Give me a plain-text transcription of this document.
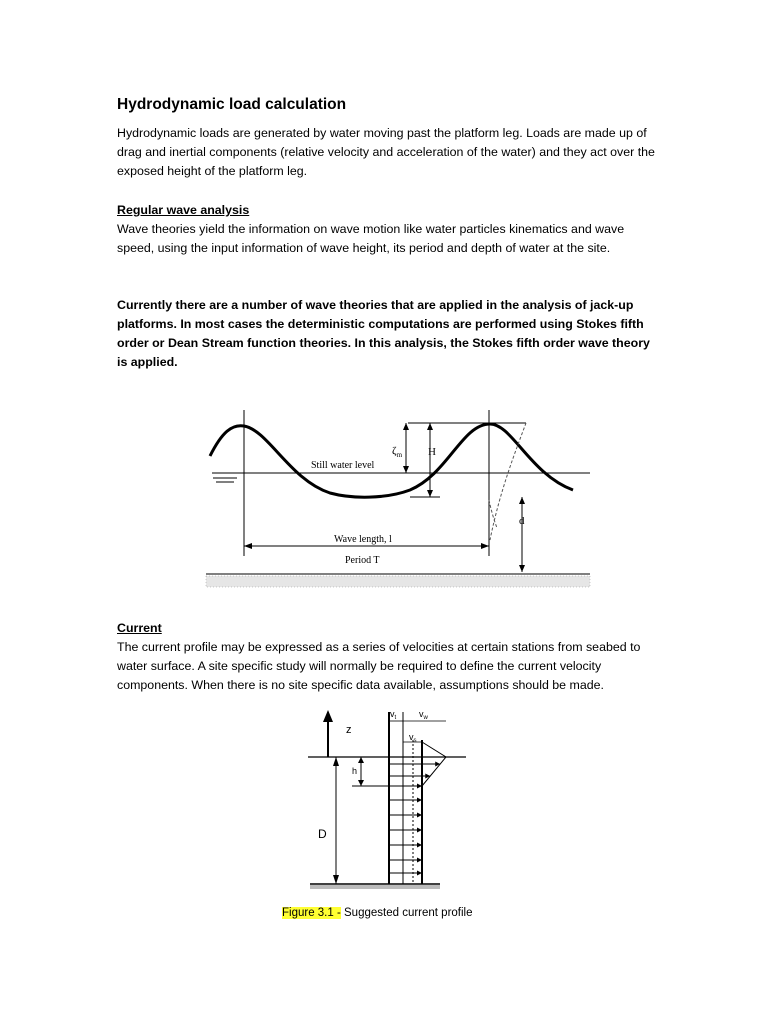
Hydrodynamic load calculation

Hydrodynamic loads are generated by water moving past the platform leg. Loads are made up of drag and inertial components (relative velocity and acceleration of the water) and they act over the exposed height of the platform leg.

Regular wave analysis

Wave theories yield the information on wave motion like water particles kinematics and wave speed, using the input information of wave height, its period and depth of water at the site.

Currently there are a number of wave theories that are applied in the analysis of jack-up platforms. In most cases the deterministic computations are performed using Stokes fifth order or Dean Stream function theories. In this analysis, the Stokes fifth order wave theory is applied.

$\zeta_m$ H
Still water level
d
Wave length, l
Period T

Current

The current profile may be expressed as a series of velocities at certain stations from seabed to water surface. A site specific study will normally be required to define the current velocity components. When there is no site specific data available, assumptions should be made.

z
D
h
$v_t$	$v_w$
$v_s$
Figure 3.1 - Suggested current profile
